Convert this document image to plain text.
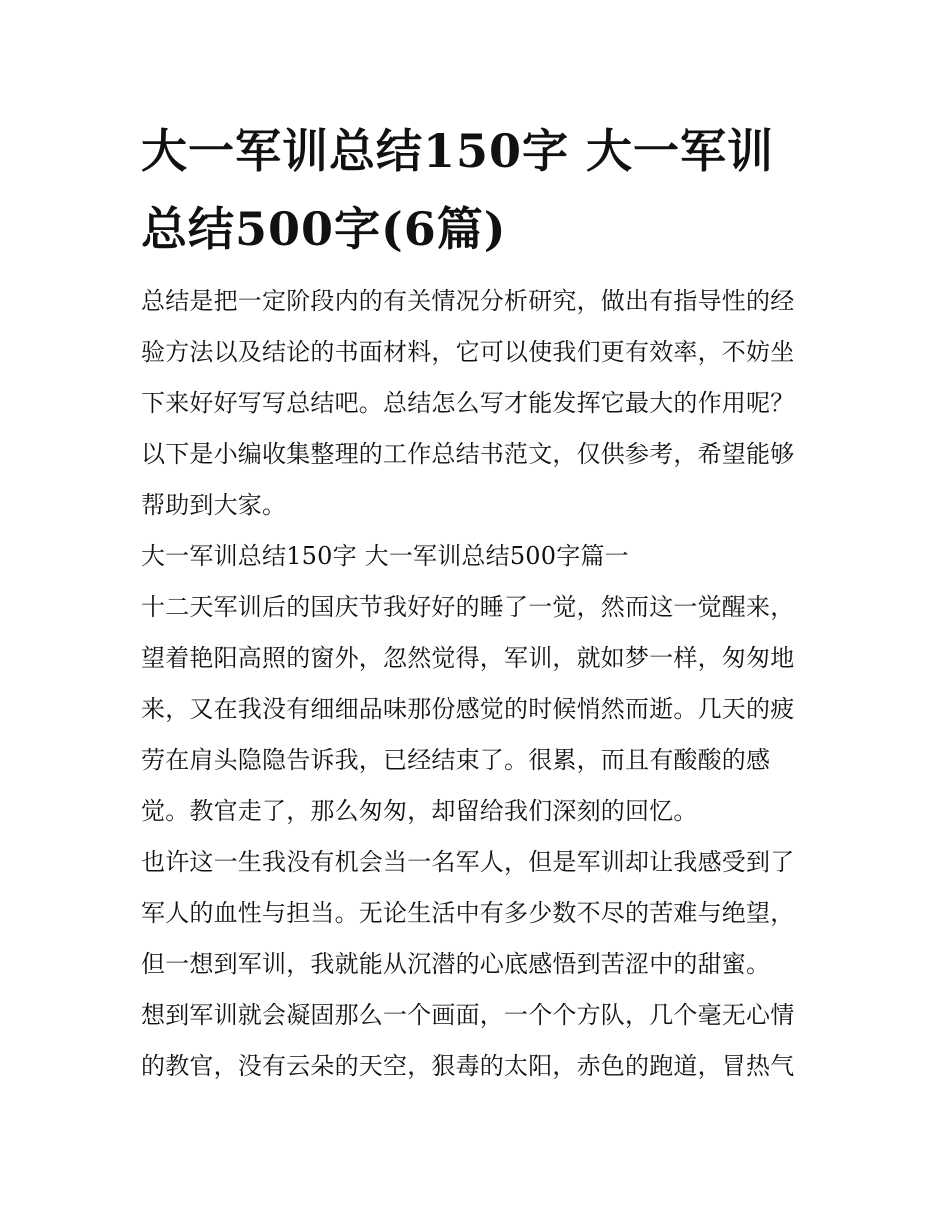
大一军训总结150字 大一军训总结500字(6篇)

总结是把一定阶段内的有关情况分析研究，做出有指导性的经验方法以及结论的书面材料，它可以使我们更有效率，不妨坐下来好好写写总结吧。总结怎么写才能发挥它最大的作用呢？以下是小编收集整理的工作总结书范文，仅供参考，希望能够帮助到大家。

大一军训总结150字 大一军训总结500字篇一

十二天军训后的国庆节我好好的睡了一觉，然而这一觉醒来，望着艳阳高照的窗外，忽然觉得，军训，就如梦一样，匆匆地来，又在我没有细细品味那份感觉的时候悄然而逝。几天的疲劳在肩头隐隐告诉我，已经结束了。很累，而且有酸酸的感觉。教官走了，那么匆匆，却留给我们深刻的回忆。

也许这一生我没有机会当一名军人，但是军训却让我感受到了军人的血性与担当。无论生活中有多少数不尽的苦难与绝望，但一想到军训，我就能从沉潜的心底感悟到苦涩中的甜蜜。

想到军训就会凝固那么一个画面，一个个方队，几个毫无心情的教官，没有云朵的天空，狠毒的太阳，赤色的跑道，冒热气
